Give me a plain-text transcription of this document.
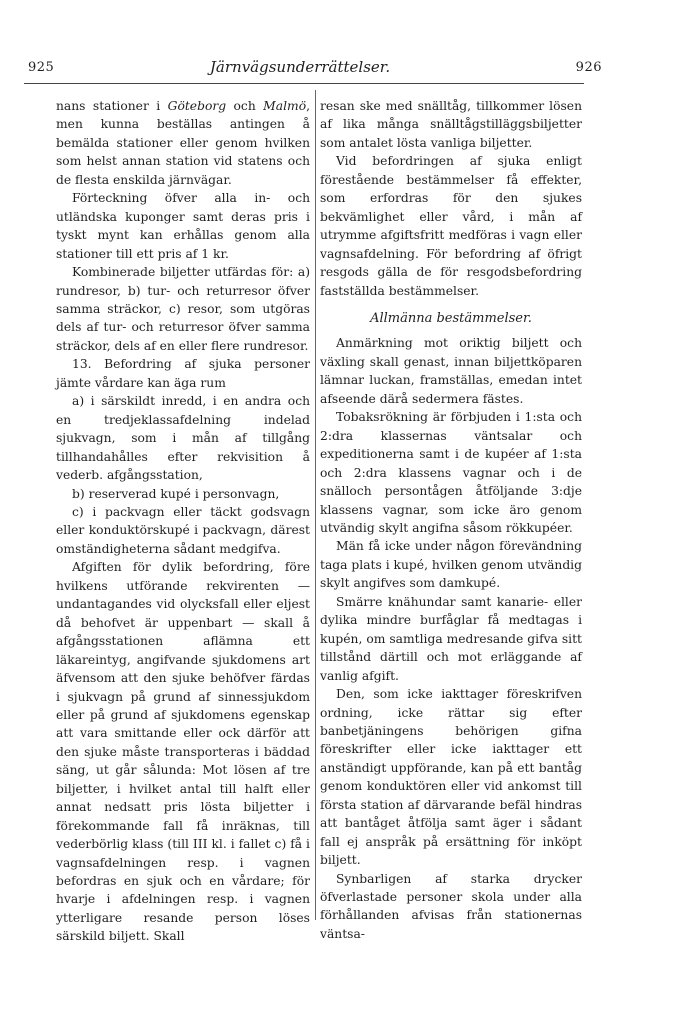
925	Järnvägsunderrättelser.	926

nans stationer i Göteborg och Malmö, men kunna beställas antingen å bemälda stationer eller genom hvilken som helst annan station vid statens och de flesta enskilda järnvägar.

Förteckning öfver alla in- och utländska kuponger samt deras pris i tyskt mynt kan erhållas genom alla stationer till ett pris af 1 kr.

Kombinerade biljetter utfärdas för: a) rundresor, b) tur- och returresor öfver samma sträckor, c) resor, som utgöras dels af tur- och returresor öfver samma sträckor, dels af en eller flere rundresor.

13. Befordring af sjuka personer jämte vårdare kan äga rum

a) i särskildt inredd, i en andra och en tredjeklassafdelning indelad sjukvagn, som i mån af tillgång tillhandahålles efter rekvisition å vederb. afgångsstation,

b) reserverad kupé i personvagn,

c) i packvagn eller täckt godsvagn eller konduktörskupé i packvagn, därest omständigheterna sådant medgifva.

Afgiften för dylik befordring, före hvilkens utförande rekvirenten — undantagandes vid olycksfall eller eljest då behofvet är uppenbart — skall å afgångsstationen aflämna ett läkareintyg, angifvande sjukdomens art äfvensom att den sjuke behöfver färdas i sjukvagn på grund af sinnessjukdom eller på grund af sjukdomens egenskap att vara smittande eller ock därför att den sjuke måste transporteras i bäddad säng, ut går sålunda: Mot lösen af tre biljetter, i hvilket antal till halft eller annat nedsatt pris lösta biljetter i förekommande fall få inräknas, till vederbörlig klass (till III kl. i fallet c) få i vagnsafdelningen resp. i vagnen befordras en sjuk och en vårdare; för hvarje i afdelningen resp. i vagnen ytterligare resande person löses särskild biljett. Skall

resan ske med snälltåg, tillkommer lösen af lika många snälltågstilläggsbiljetter som antalet lösta vanliga biljetter.

Vid befordringen af sjuka enligt förestående bestämmelser få effekter, som erfordras för den sjukes bekvämlighet eller vård, i mån af utrymme afgiftsfritt medföras i vagn eller vagnsafdelning. För befordring af öfrigt resgods gälla de för resgodsbefordring fastställda bestämmelser.

Allmänna bestämmelser.

Anmärkning mot oriktig biljett och växling skall genast, innan biljettköparen lämnar luckan, framställas, emedan intet afseende därå sedermera fästes.

Tobaksrökning är förbjuden i 1:sta och 2:dra klassernas väntsalar och expeditionerna samt i de kupéer af 1:sta och 2:dra klassens vagnar och i de snälloch persontågen åtföljande 3:dje klassens vagnar, som icke äro genom utvändig skylt angifna såsom rökkupéer.

Män få icke under någon förevändning taga plats i kupé, hvilken genom utvändig skylt angifves som damkupé.

Smärre knähundar samt kanarie- eller dylika mindre burfåglar få medtagas i kupén, om samtliga medresande gifva sitt tillstånd därtill och mot erläggande af vanlig afgift.

Den, som icke iakttager föreskrifven ordning, icke rättar sig efter banbetjäningens behörigen gifna föreskrifter eller icke iakttager ett anständigt uppförande, kan på ett bantåg genom konduktören eller vid ankomst till första station af därvarande befäl hindras att bantåget åtfölja samt äger i sådant fall ej anspråk på ersättning för inköpt biljett.

Synbarligen af starka drycker öfverlastade personer skola under alla förhållanden afvisas från stationernas väntsa-
